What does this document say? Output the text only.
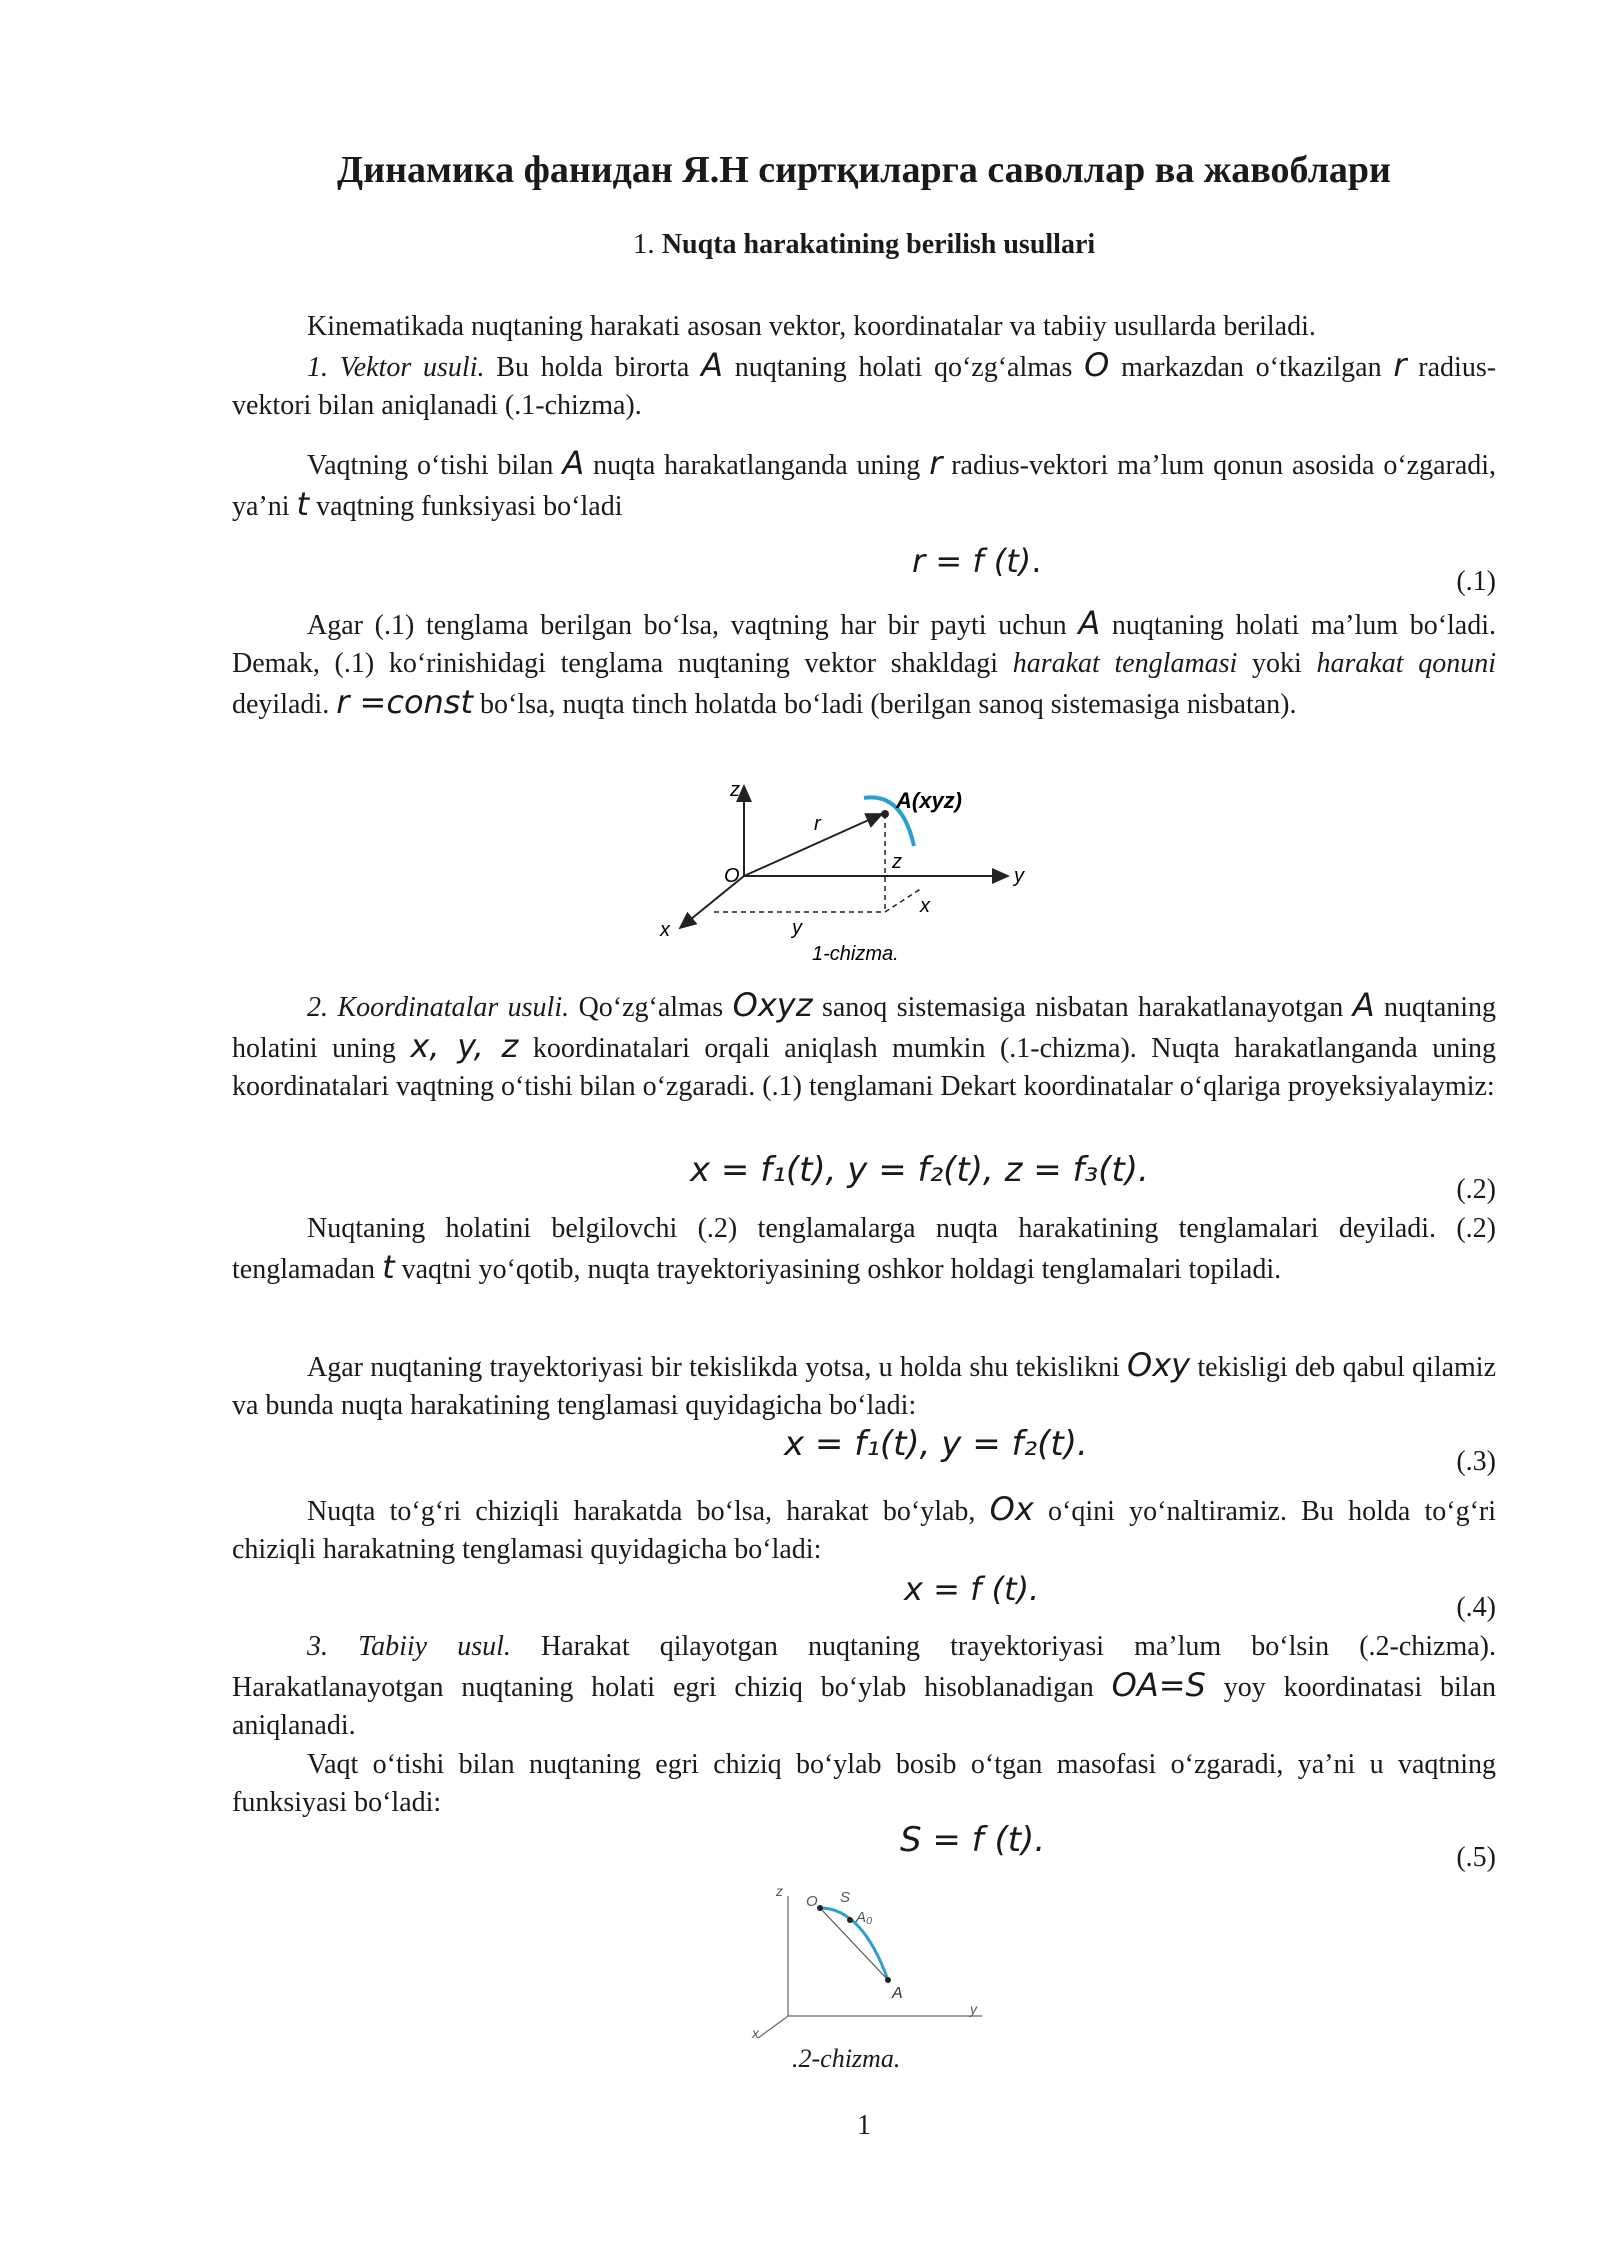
Динамика фанидан Я.Н сиртқиларга саволлар ва жавоблари
1. Nuqta harakatining berilish usullari
Kinematikada nuqtaning harakati asosan vektor, koordinatalar va tabiiy usullarda beriladi.
1. Vektor usuli. Bu holda birorta A nuqtaning holati qo‘zg‘almas O markazdan o‘tkazilgan r radius-vektori bilan aniqlanadi (.1-chizma).
Vaqtning o‘tishi bilan A nuqta harakatlanganda uning r radius-vektori ma’lum qonun asosida o‘zgaradi, ya’ni t vaqtning funksiyasi bo‘ladi
r = f (t).
(.1)
Agar (.1) tenglama berilgan bo‘lsa, vaqtning har bir payti uchun A nuqtaning holati ma’lum bo‘ladi. Demak, (.1) ko‘rinishidagi tenglama nuqtaning vektor shakldagi harakat tenglamasi yoki harakat qonuni deyiladi. r =const bo‘lsa, nuqta tinch holatda bo‘ladi (berilgan sanoq sistemasiga nisbatan).
z
r
O	y
x
z
x
y
A(xyz)
1-chizma.
2. Koordinatalar usuli. Qo‘zg‘almas Oxyz sanoq sistemasiga nisbatan harakatlanayotgan A nuqtaning holatini uning x, y, z koordinatalari orqali aniqlash mumkin (.1-chizma). Nuqta harakatlanganda uning koordinatalari vaqtning o‘tishi bilan o‘zgaradi. (.1) tenglamani Dekart koordinatalar o‘qlariga proyeksiyalaymiz:
x = f₁(t), y = f₂(t), z = f₃(t).	(.2)
Nuqtaning holatini belgilovchi (.2) tenglamalarga nuqta harakatining tenglamalari deyiladi. (.2) tenglamadan t vaqtni yo‘qotib, nuqta trayektoriyasining oshkor holdagi tenglamalari topiladi.
Agar nuqtaning trayektoriyasi bir tekislikda yotsa, u holda shu tekislikni Oxy tekisligi deb qabul qilamiz va bunda nuqta harakatining tenglamasi quyidagicha bo‘ladi:
x = f₁(t), y = f₂(t).	(.3)
Nuqta to‘g‘ri chiziqli harakatda bo‘lsa, harakat bo‘ylab, Ox o‘qini yo‘naltiramiz. Bu holda to‘g‘ri chiziqli harakatning tenglamasi quyidagicha bo‘ladi:
x = f (t).	(.4)
3. Tabiiy usul. Harakat qilayotgan nuqtaning trayektoriyasi ma’lum bo‘lsin (.2-chizma). Harakatlanayotgan nuqtaning holati egri chiziq bo‘ylab hisoblanadigan OA=S yoy koordinatasi bilan aniqlanadi.
Vaqt o‘tishi bilan nuqtaning egri chiziq bo‘ylab bosib o‘tgan masofasi o‘zgaradi, ya’ni u vaqtning funksiyasi bo‘ladi:
S = f (t).	(.5)
z
O S
A₀
A
y
x
.2-chizma.
1
